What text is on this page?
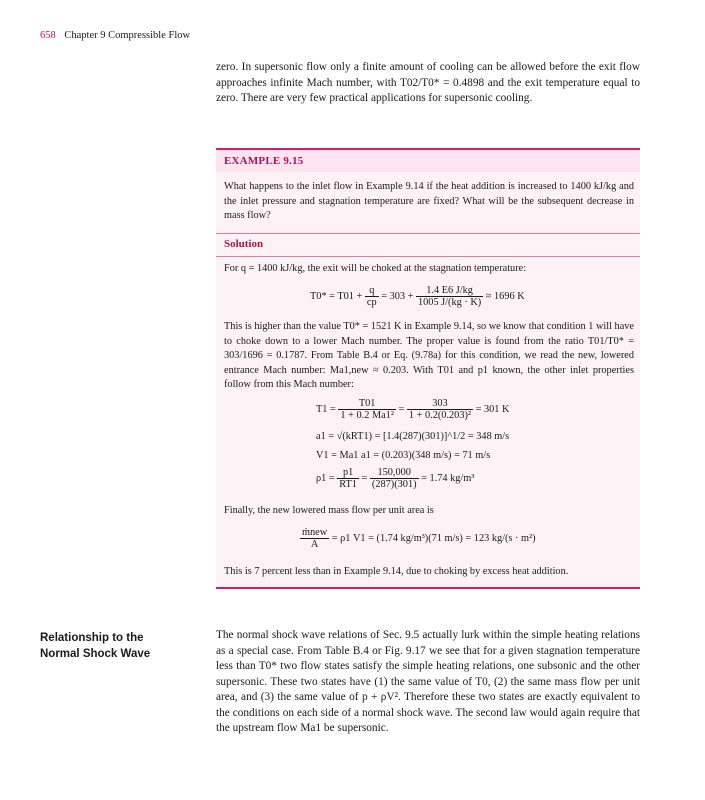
658 Chapter 9 Compressible Flow
zero. In supersonic flow only a finite amount of cooling can be allowed before the exit flow approaches infinite Mach number, with T02/T0* = 0.4898 and the exit temperature equal to zero. There are very few practical applications for supersonic cooling.
EXAMPLE 9.15
What happens to the inlet flow in Example 9.14 if the heat addition is increased to 1400 kJ/kg and the inlet pressure and stagnation temperature are fixed? What will be the subsequent decrease in mass flow?
Solution
For q = 1400 kJ/kg, the exit will be choked at the stagnation temperature:
$T0* = T01 + \frac{q}{cp} = 303 + \frac{1.4 E6 J/kg}{1005 J/(kg \cdot K)} \approx 1696$ K
This is higher than the value T0* = 1521 K in Example 9.14, so we know that condition 1 will have to choke down to a lower Mach number. The proper value is found from the ratio T01/T0* = 303/1696 = 0.1787. From Table B.4 or Eq. (9.78a) for this condition, we read the new, lowered entrance Mach number: Ma1,new ≈ 0.203. With T01 and p1 known, the other inlet properties follow from this Mach number:
$T1 = \frac{T01}{\text{1 + 0.2 Ma1²}} = \frac{303}{\text{1 + 0.2(0.203)²}} = 301$ K
a1 = √(kRT1) = [1.4(287)(301)]^1/2 = 348 m/s
V1 = Ma1 a1 = (0.203)(348 m/s) = 71 m/s
$\rho 1 = \frac{p1}{RT1} = \frac{150,000}{(287)(301)} = 1.74$ kg/m³
Finally, the new lowered mass flow per unit area is
$\frac{\text{ṁnew}}{A} = \rho 1$ V1 = (1.74 kg/m³)(71 m/s) = 123 kg/(s · m²)
This is 7 percent less than in Example 9.14, due to choking by excess heat addition.
Relationship to the
Normal Shock Wave
The normal shock wave relations of Sec. 9.5 actually lurk within the simple heating relations as a special case. From Table B.4 or Fig. 9.17 we see that for a given stagnation temperature less than T0* two flow states satisfy the simple heating relations, one subsonic and the other supersonic. These two states have (1) the same value of T0, (2) the same mass flow per unit area, and (3) the same value of p + ρV². Therefore these two states are exactly equivalent to the conditions on each side of a normal shock wave. The second law would again require that the upstream flow Ma1 be supersonic.
